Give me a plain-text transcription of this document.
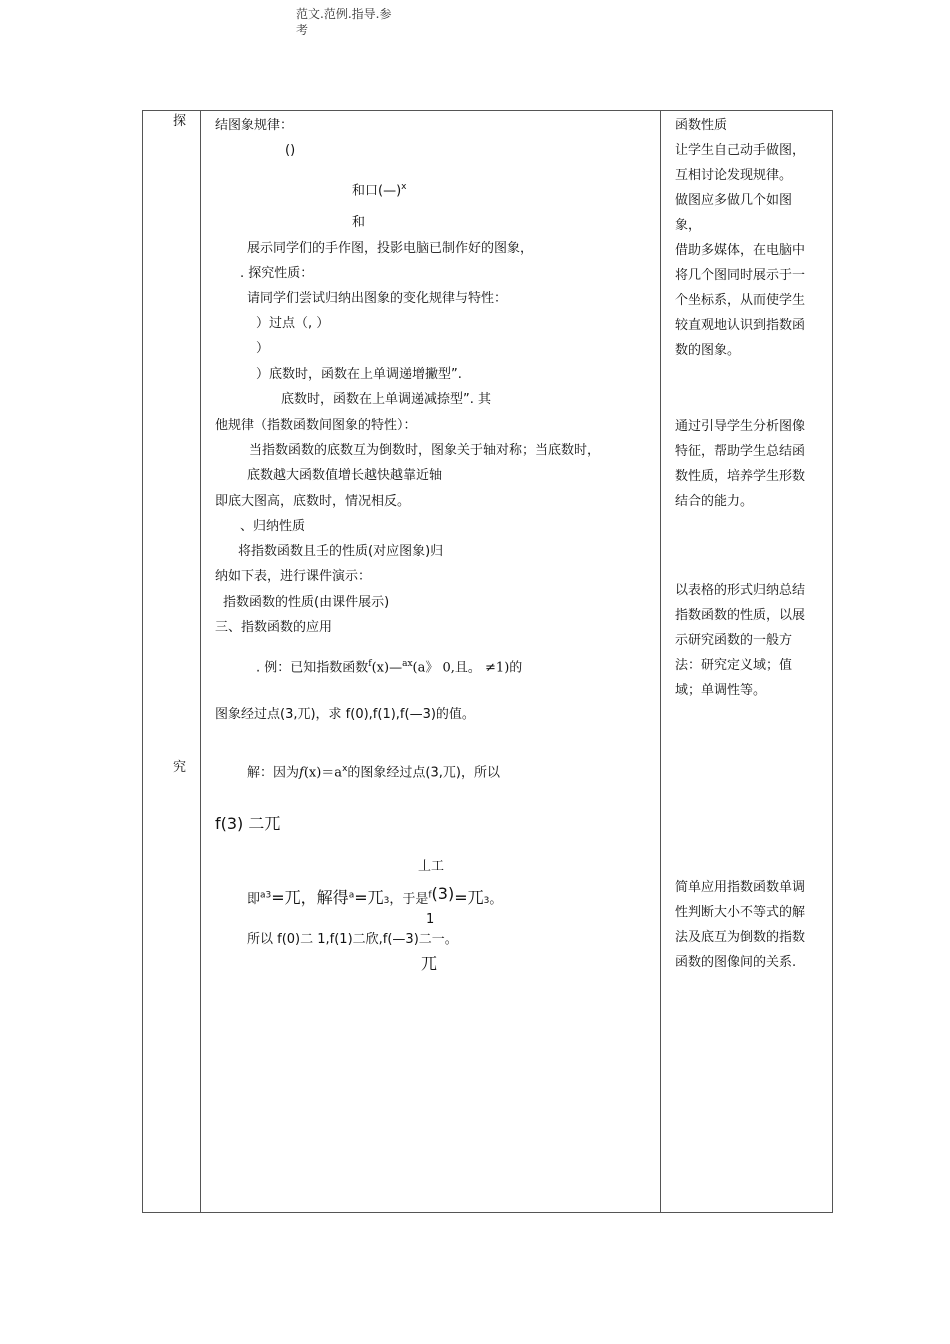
范文.范例.指导.参
考
探
究
结图象规律：
()
和口(—)$^x$
和
展示同学们的手作图，投影电脑已制作好的图象，
. 探究性质：
请同学们尝试归纳出图象的变化规律与特性：
）过点（, ）
）
）底数时，函数在上单调递增撇型”.
底数时，函数在上单调递减捺型”. 其
他规律（指数函数间图象的特性）：
当指数函数的底数互为倒数时，图象关于轴对称；当底数时，
底数越大函数值增长越快越靠近轴
即底大图高，底数时，情况相反。
、归纳性质
将指数函数且壬的性质(对应图象)归
纳如下表，进行课件演示：
指数函数的性质(由课件展示)
三、指数函数的应用
. 例：已知指数函数$^f$(x)—$^{ax}$(a》 0,且。 ≠1)的
图象经过点(3,兀)，求 f(0),f(1),f(—3)的值。
解：因为$f(x)=a^x$的图象经过点(3,兀)，所以
f(3) 二兀
丄工
即$^{a3}$=兀，解得$^a$=兀3，于是$^f$(3)=兀3。
1
所以 f(0)二 1,f(1)二欣,f(—3)二一。
兀
函数性质
让学生自己动手做图，
互相讨论发现规律。
做图应多做几个如图
象，
借助多媒体，在电脑中
将几个图同时展示于一
个坐标系，从而使学生
较直观地认识到指数函
数的图象。
通过引导学生分析图像
特征，帮助学生总结函
数性质，培养学生形数
结合的能力。
以表格的形式归纳总结
指数函数的性质，以展
示研究函数的一般方
法：研究定义域；值
域；单调性等。
简单应用指数函数单调
性判断大小不等式的解
法及底互为倒数的指数
函数的图像间的关系.
